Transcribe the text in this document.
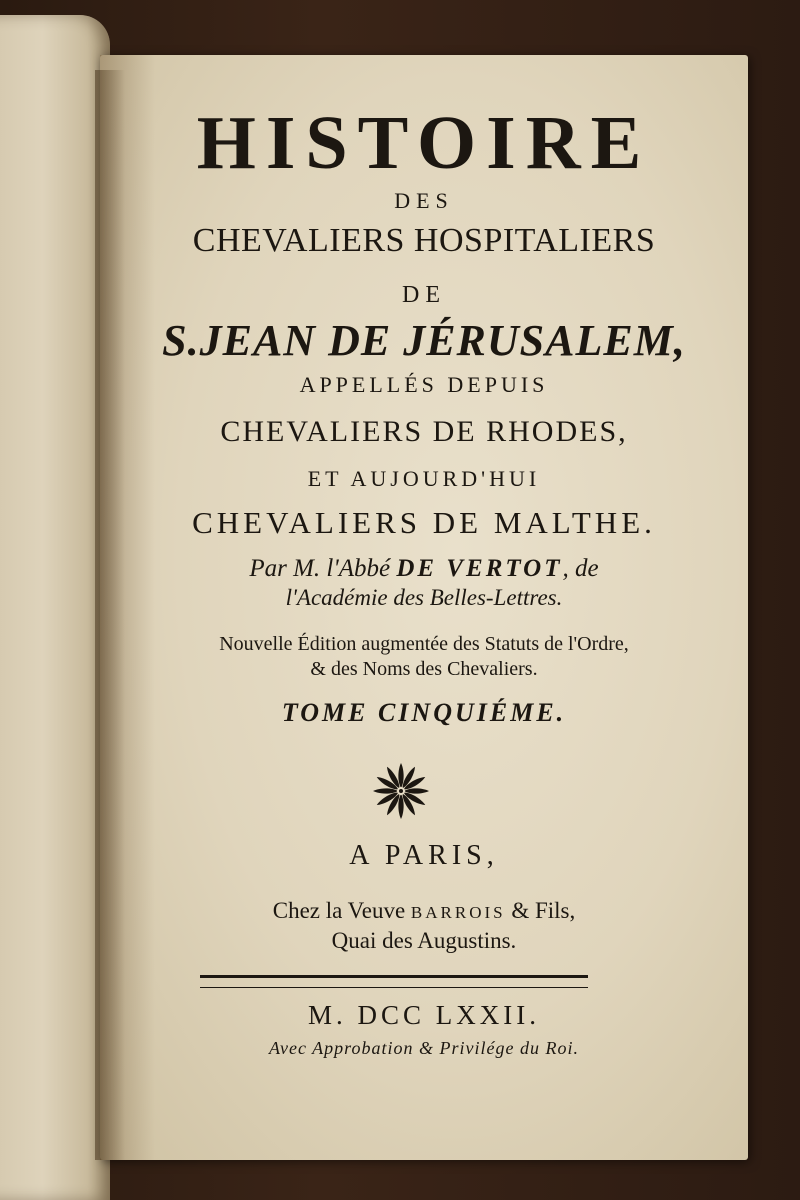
HISTOIRE
DES
CHEVALIERS HOSPITALIERS
DE
S.JEAN DE JÉRUSALEM,
APPELLÉS DEPUIS
CHEVALIERS DE RHODES,
ET AUJOURD'HUI
CHEVALIERS DE MALTHE.
Par M. l'Abbé DE VERTOT, de
l'Académie des Belles-Lettres.
Nouvelle Édition augmentée des Statuts de l'Ordre,
& des Noms des Chevaliers.
TOME CINQUIÉME.
A PARIS,
Chez la Veuve BARROIS & Fils,
Quai des Augustins.
M. DCC LXXII.
Avec Approbation & Privilége du Roi.
